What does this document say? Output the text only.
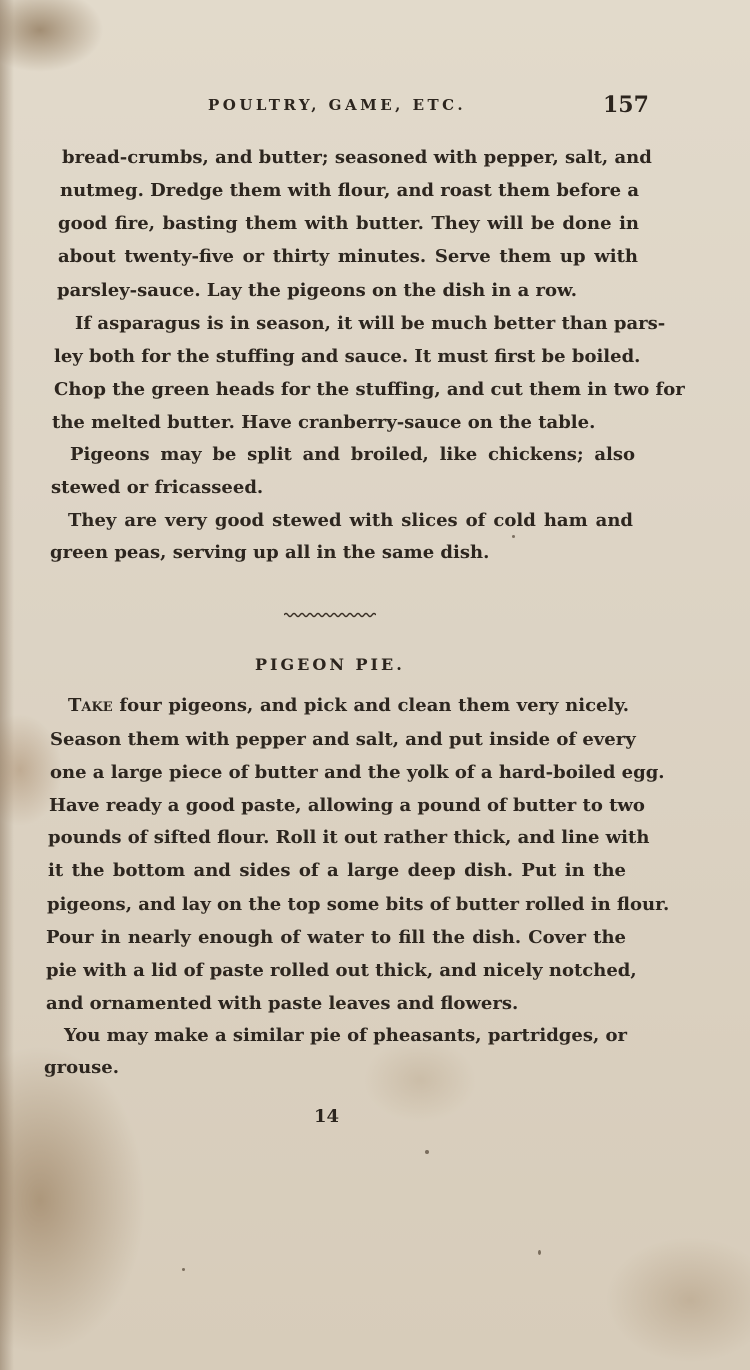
POULTRY, GAME, ETC.	157
bread-crumbs, and butter; seasoned with pepper, salt, and
nutmeg. Dredge them with flour, and roast them before a
good fire, basting them with butter. They will be done in
about twenty-five or thirty minutes. Serve them up with
parsley-sauce. Lay the pigeons on the dish in a row.
If asparagus is in season, it will be much better than pars-
ley both for the stuffing and sauce. It must first be boiled.
Chop the green heads for the stuffing, and cut them in two for
the melted butter. Have cranberry-sauce on the table.
Pigeons may be split and broiled, like chickens; also
stewed or fricasseed.
They are very good stewed with slices of cold ham and
green peas, serving up all in the same dish.
PIGEON PIE.
Take four pigeons, and pick and clean them very nicely.
Season them with pepper and salt, and put inside of every
one a large piece of butter and the yolk of a hard-boiled egg.
Have ready a good paste, allowing a pound of butter to two
pounds of sifted flour. Roll it out rather thick, and line with
it the bottom and sides of a large deep dish. Put in the
pigeons, and lay on the top some bits of butter rolled in flour.
Pour in nearly enough of water to fill the dish. Cover the
pie with a lid of paste rolled out thick, and nicely notched,
and ornamented with paste leaves and flowers.
You may make a similar pie of pheasants, partridges, or
grouse.
14
